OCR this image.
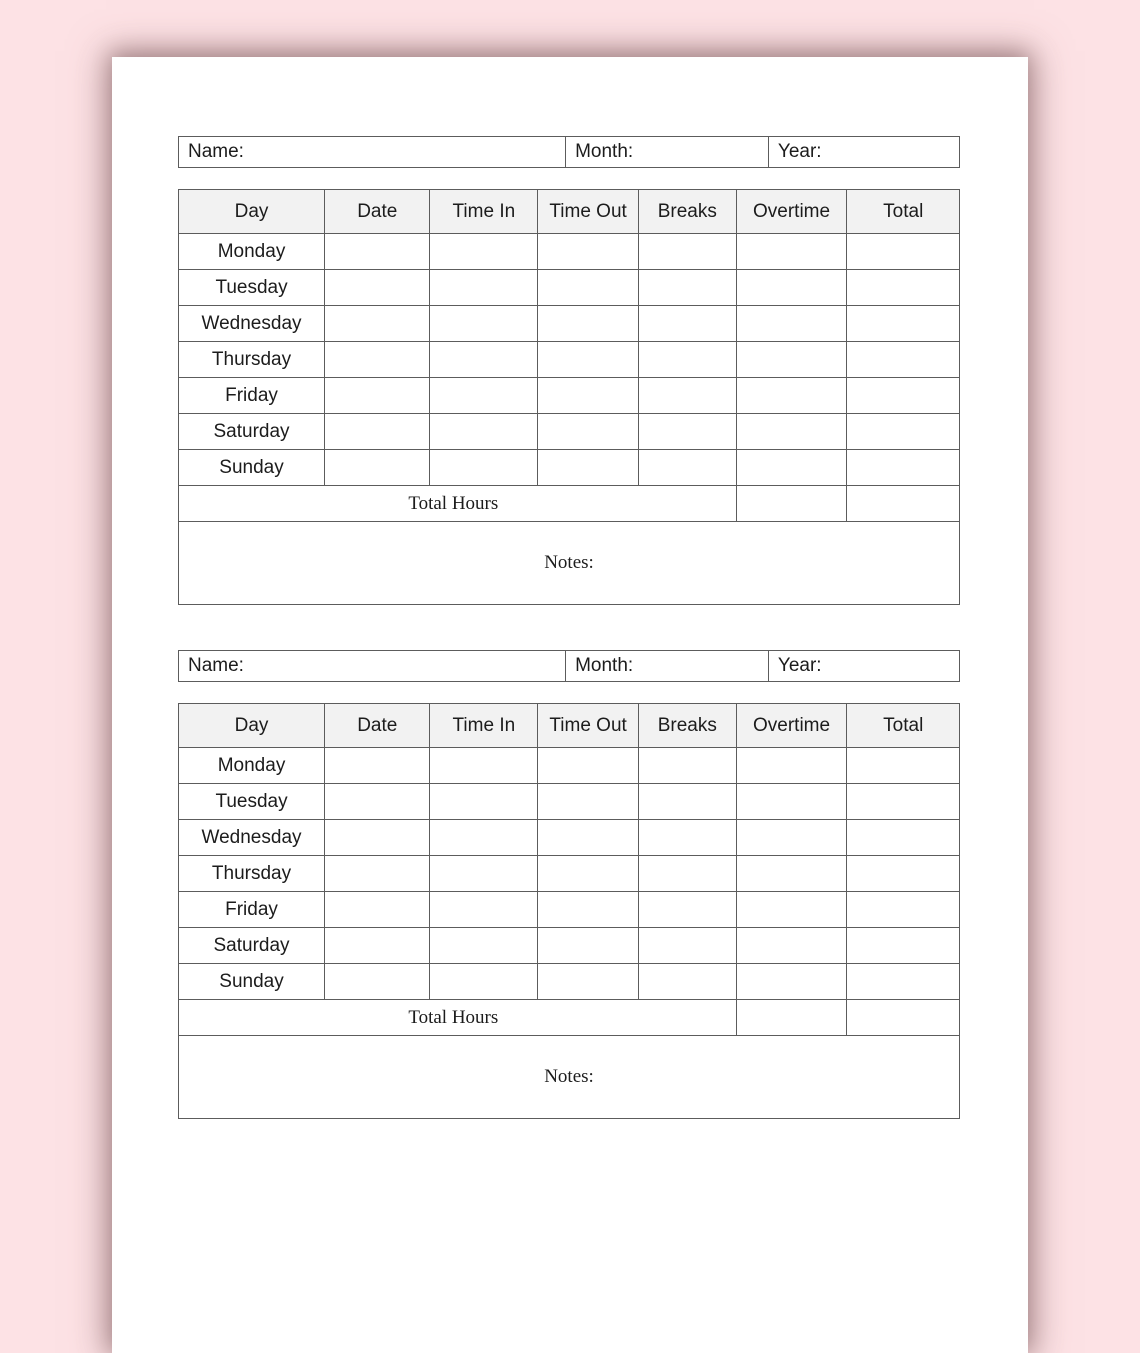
Name:	Month:	Year:
Day	Date	Time In	Time Out	Breaks	Overtime	Total
Monday						
Tuesday						
Wednesday						
Thursday						
Friday						
Saturday						
Sunday						
Total Hours						
Notes:						
Name:	Month:	Year:
Day	Date	Time In	Time Out	Breaks	Overtime	Total
Monday						
Tuesday						
Wednesday						
Thursday						
Friday						
Saturday						
Sunday						
Total Hours						
Notes:						
